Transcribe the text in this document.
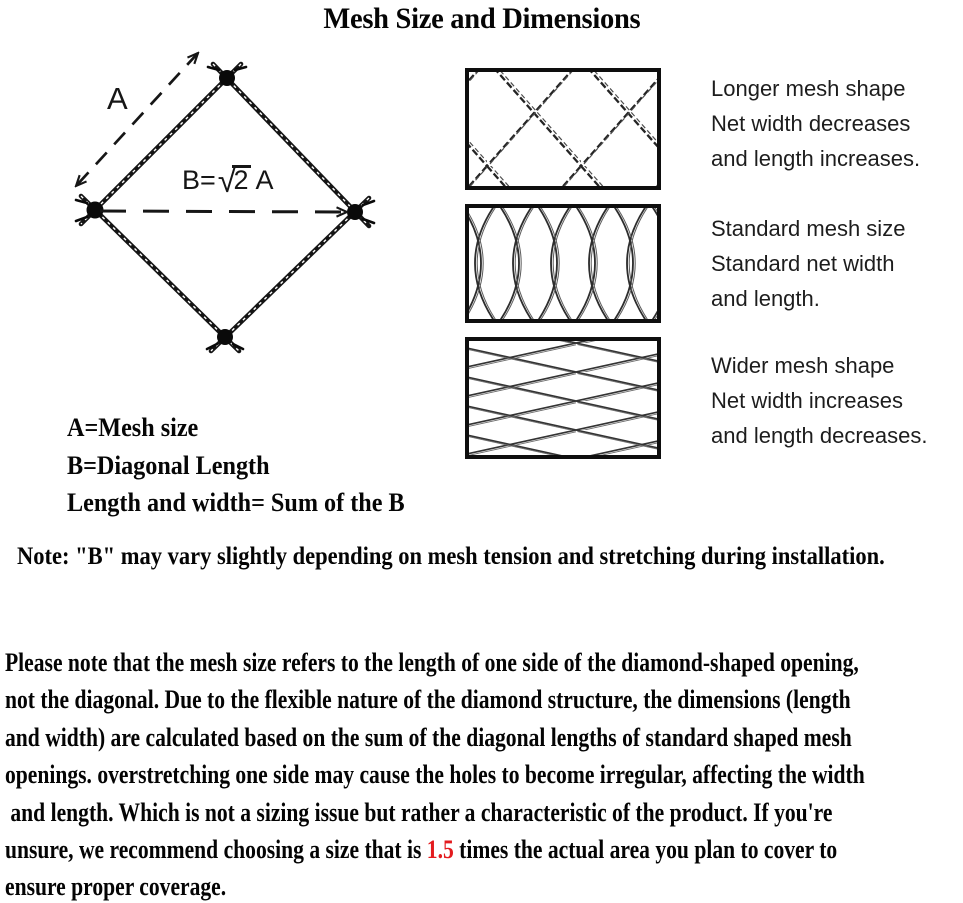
Mesh Size and Dimensions
A
B=√2 A
Longer mesh shape
Net width decreases
and length increases.
Standard mesh size
Standard net width
and length.
Wider mesh shape
Net width increases
and length decreases.
A=Mesh size
B=Diagonal Length
Length and width= Sum of the B
Note: "B" may vary slightly depending on mesh tension and stretching during installation.
Please note that the mesh size refers to the length of one side of the diamond-shaped opening,
not the diagonal. Due to the flexible nature of the diamond structure, the dimensions (length
and width) are calculated based on the sum of the diagonal lengths of standard shaped mesh
openings. overstretching one side may cause the holes to become irregular, affecting the width
and length. Which is not a sizing issue but rather a characteristic of the product. If you're
unsure, we recommend choosing a size that is 1.5 times the actual area you plan to cover to
ensure proper coverage.
